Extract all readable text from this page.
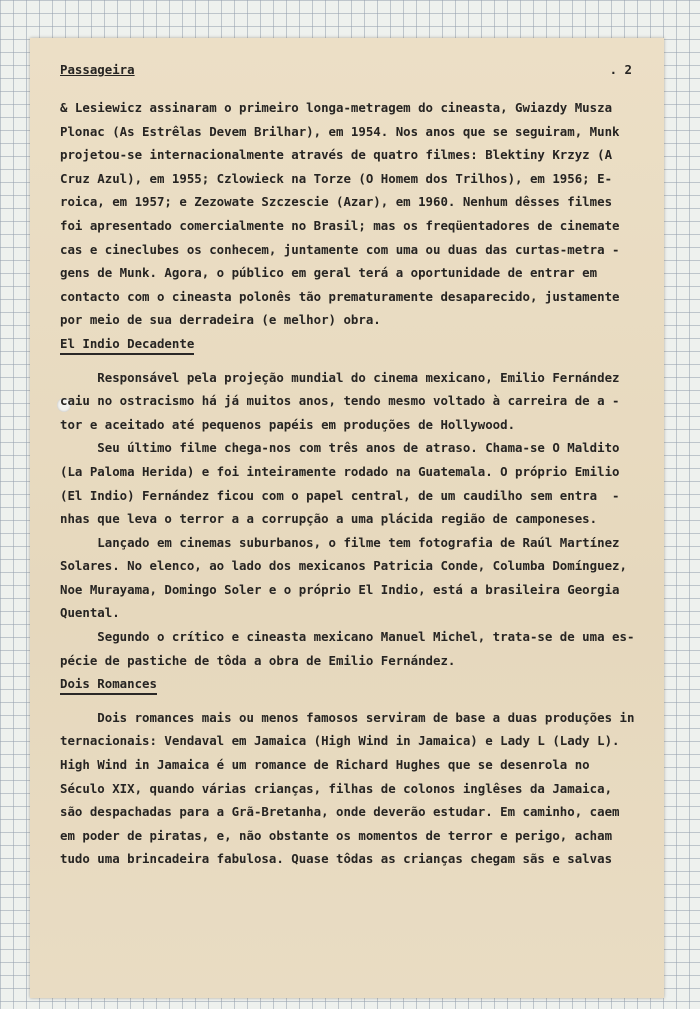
Passageira	. 2
& Lesiewicz assinaram o primeiro longa-metragem do cineasta, Gwiazdy Musza
Plonac (As Estrêlas Devem Brilhar), em 1954. Nos anos que se seguiram, Munk
projetou-se internacionalmente através de quatro filmes: Blektiny Krzyz (A
Cruz Azul), em 1955; Czlowieck na Torze (O Homem dos Trilhos), em 1956; E-
roica, em 1957; e Zezowate Szczescie (Azar), em 1960. Nenhum dêsses filmes
foi apresentado comercialmente no Brasil; mas os freqüentadores de cinemate
cas e cineclubes os conhecem, juntamente com uma ou duas das curtas-metra -
gens de Munk. Agora, o público em geral terá a oportunidade de entrar em
contacto com o cineasta polonês tão prematuramente desaparecido, justamente
por meio de sua derradeira (e melhor) obra.
El Indio Decadente
Responsável pela projeção mundial do cinema mexicano, Emilio Fernández
caiu no ostracismo há já muitos anos, tendo mesmo voltado à carreira de a -
tor e aceitado até pequenos papéis em produções de Hollywood.
Seu último filme chega-nos com três anos de atraso. Chama-se O Maldito
(La Paloma Herida) e foi inteiramente rodado na Guatemala. O próprio Emilio
(El Indio) Fernández ficou com o papel central, de um caudilho sem entra  -
nhas que leva o terror a a corrupção a uma plácida região de camponeses.
Lançado em cinemas suburbanos, o filme tem fotografia de Raúl Martínez
Solares. No elenco, ao lado dos mexicanos Patricia Conde, Columba Domínguez,
Noe Murayama, Domingo Soler e o próprio El Indio, está a brasileira Georgia
Quental.
Segundo o crítico e cineasta mexicano Manuel Michel, trata-se de uma es-
pécie de pastiche de tôda a obra de Emilio Fernández.
Dois Romances
Dois romances mais ou menos famosos serviram de base a duas produções in
ternacionais: Vendaval em Jamaica (High Wind in Jamaica) e Lady L (Lady L).
High Wind in Jamaica é um romance de Richard Hughes que se desenrola no
Século XIX, quando várias crianças, filhas de colonos inglêses da Jamaica,
são despachadas para a Grã-Bretanha, onde deverão estudar. Em caminho, caem
em poder de piratas, e, não obstante os momentos de terror e perigo, acham
tudo uma brincadeira fabulosa. Quase tôdas as crianças chegam sãs e salvas
